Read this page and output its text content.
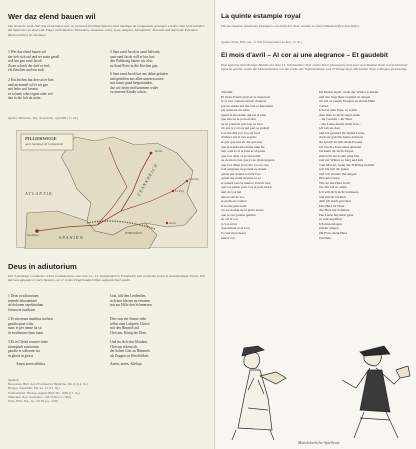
Wer daz elend bauen wil

Dat deutsche Lied »Wer daz elend bauen wil« ist wohl auf den Pilgerfahrten nach Santiago de Compostela gesungen worden. Das Lied schildert die Stationen, an denen die Pilger vorbeikamen: Einsiedeln, Lausanne, Genf, Lyon, Avignon, Montpellier, Toulouse und durch die Pyrenäen (Roncesvalles) bis Santiago.

1 Wer daz elend bauen wil
der heb sich auf und sei mein gesell
wol hin gen sand Jacob.
Zwen schuch der darf er wol,
ein flaschen und ein stab.
5 Sant sand Jacob in sand Salvator,
sant sand Jacob will er hin fart:
den Paddtsteg laufen wir also,
zu Sand Peter in die Kirchen gan.
2 Ein leichen hut den sol er han
und an mantel sol er nit gan
mit leder wol besetzt
ez schneit oder regnet oder wet
daz in die luft nit netzt.
6 Sant sand Jacob hat uns dahar geladen
und geholfen aus allen unseren noten
mit seiner gnad beigestanden,
daz wir heim sind kommen wider
zu unseren Kinder schon.
Quelle: München, Bay. Staatsbibl., cgm 809 (15. Jh.)
PILGERWEGE
nach Santiago de Compostela
ATLANTIK	FRANKREICH
SPANIEN
PYRENÄEN
Santiago
Paris
Vézelay
Le Puy
Arles
Deus in adiutorium

Der 3-stimmige Conductus »Deus in adiutorium« war vom 12.–14. Jahrhundert in Frankreich weit verbreitet (auch in zweistimmiger Form). Von dort aus gelangte er nach Spanien, wo er in den Pilgerhandschriften aufgezeichnet wurde.

1 Deus in adiutorium
intende laborantium
ad dolorem sepeliendum
festina in auxilium
Gott, hilf den Leidenden,
sich nun hin um zu erinnern
mit zur Hilfe den Schmerzen.
2 Et sincerum omnibus inclinat
gaudia quae a diu
nunc et per omne ita sit
in exultatione dum tuam
Dies vim der Sonne sieht
selbst zum Lobpreis Christi
mit den Himmel auf
Christus, König der Ehre,
3 Et in Christi resurrectione
triumphali sanctorum
gaudio et sollemni via
in gloria in gloria
Und du dich den Glauben,
Christus erkenn als
der hohen Gott zu Himmels
als Zeugnis in Herrlichkeit.
Amen amen alleluia.	Amen, amen, Alleluja.
Quellen:
Barcelona, Bibl. de la Facultad de Medicina, Ms. lb (14. Jh.)
Burgos, Staatsbibl. Ms. lat. 23 (13. Jh.)
Wolfenbüttel, Herzog-August-Bibl. Ms. 1099 (13. Jh.)
München, Bay. Staatsbibl., clm 5539 (ca. 1300)
Paris, Bibl. Nat., lat. 15139 (ca. 1250)
La quinte estampie royal

Die aus Spanien bekannten Estampies, ein höfischer Tanz, wurden in vielen Handschriften überliefert.

Quelle: Paris, Bibl. nat., fr. 844 (Chansonnier du Roi, 13. Jh.)
El mois d'avril – Al cor ai une alegrance – Et gaudebit

Eine typische dreistimmige Motette aus dem 13. Jahrhundert: über einem Tenor (liturgisch) sind zwei verschiedene Texte in französischer Sprache gesetzt, wobei die Motetusstimme von der Liebe, die Triplumstimme vom Frühling singt. Die beiden Texte erklingen gleichzeitig.

Triplum
El mois d'avril qu'yver se departoit
et el vert vueresouvenir chantoit
por un matin ses ma bon et fierement
par dessous un arbre
quant vi ma dame qui est si bele
que nus ne le porroit dire
ne se pourroit pas trop sa face
cil qui la voit en qui pert sa goiteri
lors me dist por vos est tout
d'amors sui si tres esprise
et que que nus en die qui eust
que je n'aime ma dame nule fie
tant com la vi si bele et si gente
que voz dirai ce je sui doleir
ne de mon cuer que ja ne m'en deparre
que voz disez je ne me vos ne cler
tout seignour ne pourai ne doleir
qu'ele me donist sa bele face
qu'ele me doint m'aime la sa
et quand vers la mienor n'avoit mot
qui vos pense pour vos et puis morir
tant de vos hai
amors sui de vos
et gram en cosmer
si ne me puis tenir
car ne donrai de la grant bonte
que je onc puisse quidier
en cel li vos
ja vos ferai
doucement si ai a toi
la cuer mon deses
merci vos
Im Monat April, wenn der Winter scheidet
und das Vogelheer beginnt zu singen
ritt ich an einem Morgen an einem Hain
vorbei.
Ich traf eine Frau, so schön
dass man es nicht sagen kann
– ihr Gesicht – ihr Haar
– die Liebe macht mich froh –
ich sah sie dort
und ich gestand ihr meine Liebe,
doch sie gab mir keine Antwort
sie sprach zu mir, mein Freund
ich bin die Frau eines anderen
ich kann dir nicht folgen
zumal du noch sehr jung bist
und der Winter so lang und kalt
vom Mai an, wenn der Frühling kommt
soll ich mir dir gehen
und wir werden ihn singen
Herzens Liebe,
Wie ist das Herz froh?
Wo bin ich so allein
Ich will dich nicht verlassen
und mit dir bleiben
dem ich mich gewohnt
Das Herz ist bitter
das Herz hat Schmerz
Die Liebe hat mich ganz
so sehr ergriffen
Ich muss klagen
mit dir singen
Oh Frau, mein Herz
bin Dein.
Mittelalterliche Spielleute
